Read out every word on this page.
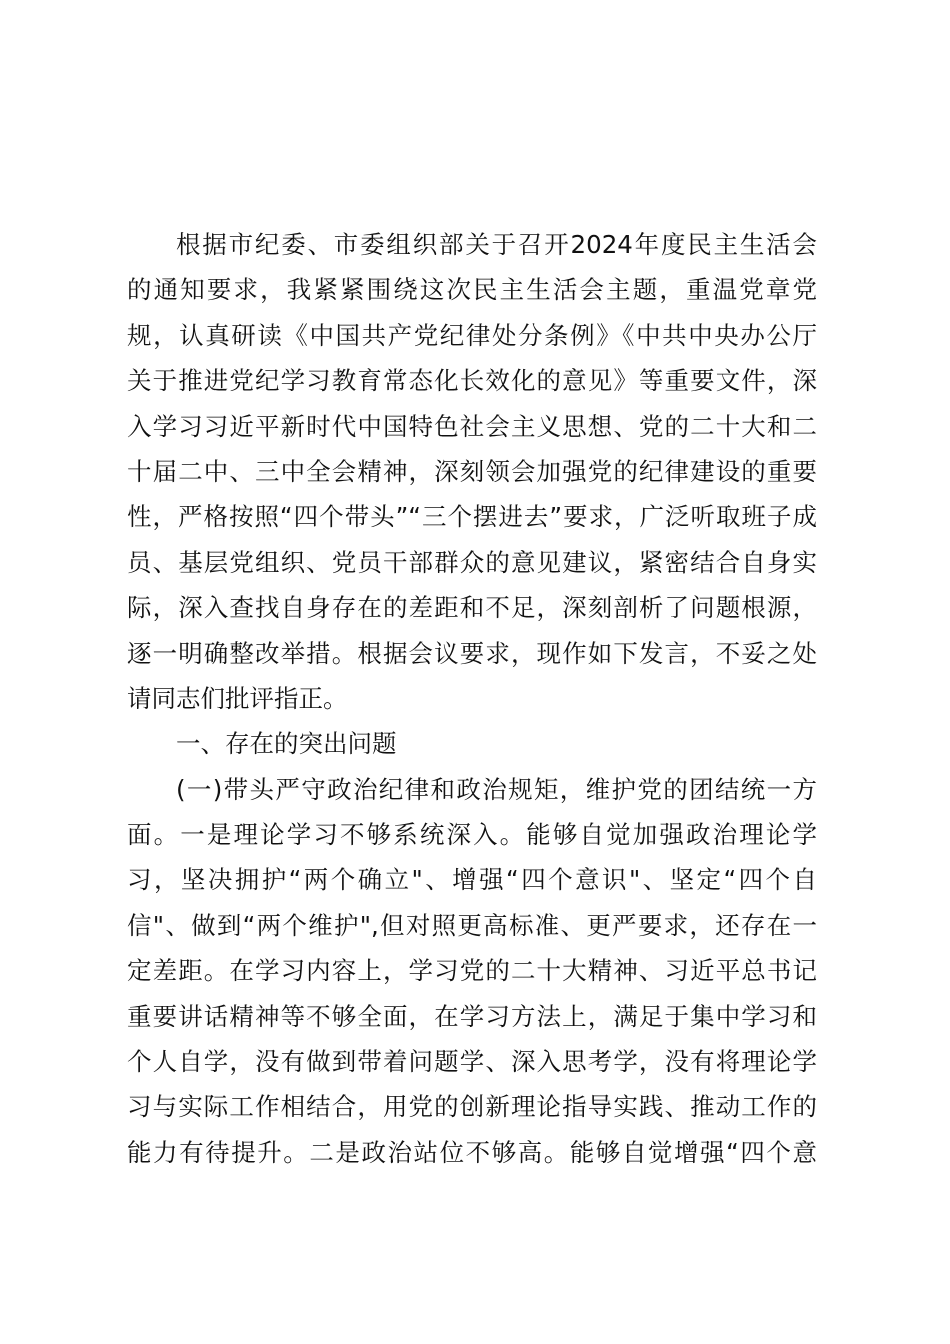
根据市纪委、市委组织部关于召开2024年度民主生活会
的通知要求，我紧紧围绕这次民主生活会主题，重温党章党
规，认真研读《中国共产党纪律处分条例》《中共中央办公厅
关于推进党纪学习教育常态化长效化的意见》等重要文件，深
入学习习近平新时代中国特色社会主义思想、党的二十大和二
十届二中、三中全会精神，深刻领会加强党的纪律建设的重要
性，严格按照“四个带头”“三个摆进去”要求，广泛听取班子成
员、基层党组织、党员干部群众的意见建议，紧密结合自身实
际，深入查找自身存在的差距和不足，深刻剖析了问题根源，
逐一明确整改举措。根据会议要求，现作如下发言，不妥之处
请同志们批评指正。
一、存在的突出问题
(一)带头严守政治纪律和政治规矩，维护党的团结统一方
面。一是理论学习不够系统深入。能够自觉加强政治理论学
习，坚决拥护“两个确立"、增强“四个意识"、坚定“四个自
信"、做到“两个维护",但对照更高标准、更严要求，还存在一
定差距。在学习内容上，学习党的二十大精神、习近平总书记
重要讲话精神等不够全面，在学习方法上，满足于集中学习和
个人自学，没有做到带着问题学、深入思考学，没有将理论学
习与实际工作相结合，用党的创新理论指导实践、推动工作的
能力有待提升。二是政治站位不够高。能够自觉增强“四个意
